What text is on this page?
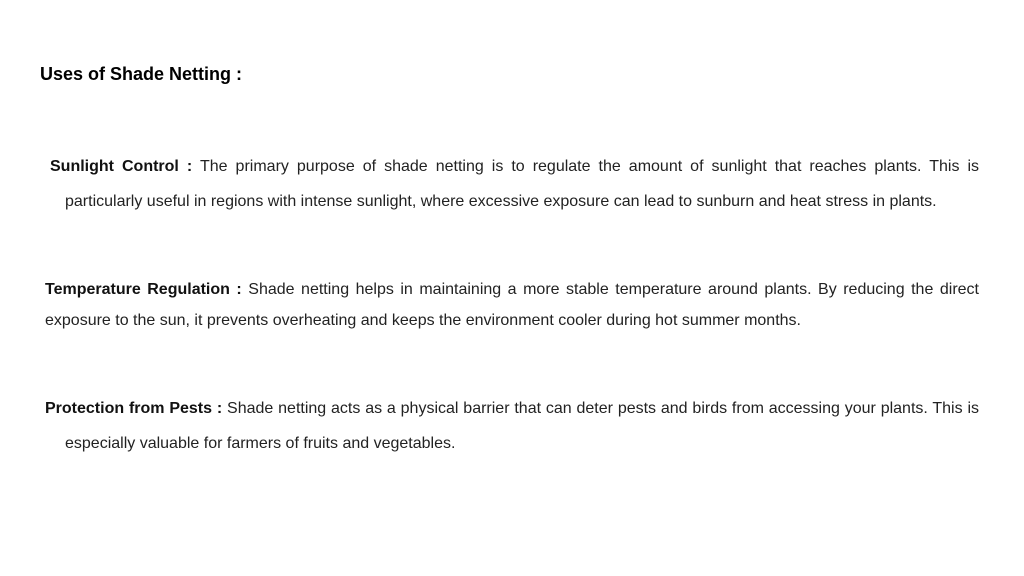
Uses of Shade Netting :

Sunlight Control : The primary purpose of shade netting is to regulate the amount of sunlight that reaches plants. This is particularly useful in regions with intense sunlight, where excessive exposure can lead to sunburn and heat stress in plants.

Temperature Regulation : Shade netting helps in maintaining a more stable temperature around plants. By reducing the direct exposure to the sun, it prevents overheating and keeps the environment cooler during hot summer months.

Protection from Pests : Shade netting acts as a physical barrier that can deter pests and birds from accessing your plants. This is especially valuable for farmers of fruits and vegetables.
